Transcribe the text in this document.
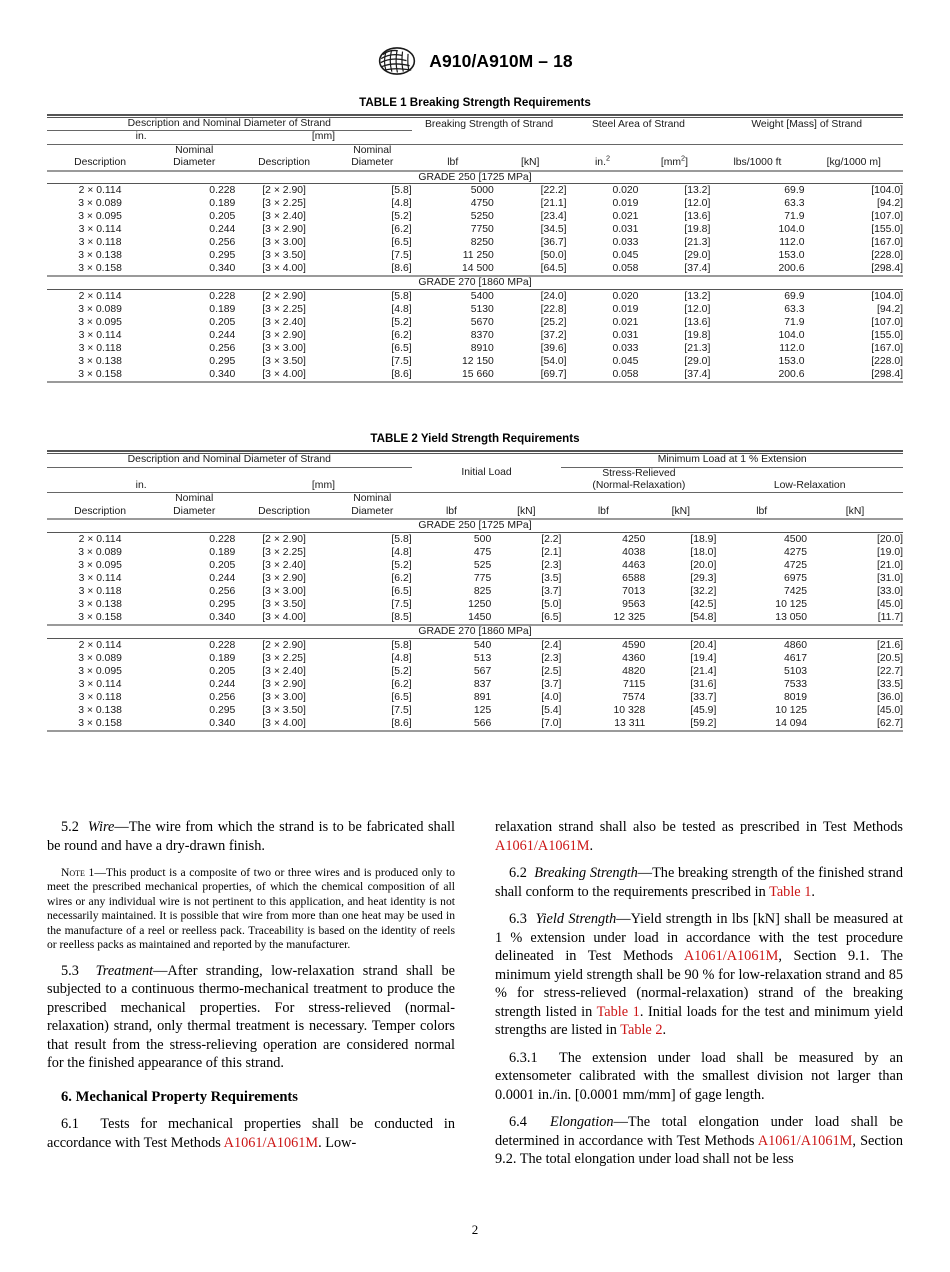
A910/A910M – 18
TABLE 1 Breaking Strength Requirements

Description and Nominal Diameter of Strand				Breaking Strength of Strand		Steel Area of Strand		Weight [Mass] of Strand	
in.		[mm]							
Description	Nominal Diameter	Description	Nominal Diameter	lbf	[kN]	in.$^2$	$[mm^2]$	lbs/1000 ft	[kg/1000 m]
GRADE 250 [1725 MPa]									
2 × 0.114	0.228	[2 × 2.90]	[5.8]	5000	[22.2]	0.020	[13.2]	69.9	[104.0]
3 × 0.089	0.189	[3 × 2.25]	[4.8]	4750	[21.1]	0.019	[12.0]	63.3	[94.2]
3 × 0.095	0.205	[3 × 2.40]	[5.2]	5250	[23.4]	0.021	[13.6]	71.9	[107.0]
3 × 0.114	0.244	[3 × 2.90]	[6.2]	7750	[34.5]	0.031	[19.8]	104.0	[155.0]
3 × 0.118	0.256	[3 × 3.00]	[6.5]	8250	[36.7]	0.033	[21.3]	112.0	[167.0]
3 × 0.138	0.295	[3 × 3.50]	[7.5]	11 250	[50.0]	0.045	[29.0]	153.0	[228.0]
3 × 0.158	0.340	[3 × 4.00]	[8.6]	14 500	[64.5]	0.058	[37.4]	200.6	[298.4]
GRADE 270 [1860 MPa]									
2 × 0.114	0.228	[2 × 2.90]	[5.8]	5400	[24.0]	0.020	[13.2]	69.9	[104.0]
3 × 0.089	0.189	[3 × 2.25]	[4.8]	5130	[22.8]	0.019	[12.0]	63.3	[94.2]
3 × 0.095	0.205	[3 × 2.40]	[5.2]	5670	[25.2]	0.021	[13.6]	71.9	[107.0]
3 × 0.114	0.244	[3 × 2.90]	[6.2]	8370	[37.2]	0.031	[19.8]	104.0	[155.0]
3 × 0.118	0.256	[3 × 3.00]	[6.5]	8910	[39.6]	0.033	[21.3]	112.0	[167.0]
3 × 0.138	0.295	[3 × 3.50]	[7.5]	12 150	[54.0]	0.045	[29.0]	153.0	[228.0]
3 × 0.158	0.340	[3 × 4.00]	[8.6]	15 660	[69.7]	0.058	[37.4]	200.6	[298.4]

TABLE 2 Yield Strength Requirements

Description and Nominal Diameter of Strand				Initial Load		Minimum Load at 1 % Extension			
in.		[mm]				Stress-Relieved
(Normal-Relaxation)		Low-Relaxation	
Description	Nominal Diameter	Description	Nominal Diameter	lbf	[kN]	lbf	[kN]	lbf	[kN]
GRADE 250 [1725 MPa]									
2 × 0.114	0.228	[2 × 2.90]	[5.8]	500	[2.2]	4250	[18.9]	4500	[20.0]
3 × 0.089	0.189	[3 × 2.25]	[4.8]	475	[2.1]	4038	[18.0]	4275	[19.0]
3 × 0.095	0.205	[3 × 2.40]	[5.2]	525	[2.3]	4463	[20.0]	4725	[21.0]
3 × 0.114	0.244	[3 × 2.90]	[6.2]	775	[3.5]	6588	[29.3]	6975	[31.0]
3 × 0.118	0.256	[3 × 3.00]	[6.5]	825	[3.7]	7013	[32.2]	7425	[33.0]
3 × 0.138	0.295	[3 × 3.50]	[7.5]	1250	[5.0]	9563	[42.5]	10 125	[45.0]
3 × 0.158	0.340	[3 × 4.00]	[8.5]	1450	[6.5]	12 325	[54.8]	13 050	[11.7]
GRADE 270 [1860 MPa]									
2 × 0.114	0.228	[2 × 2.90]	[5.8]	540	[2.4]	4590	[20.4]	4860	[21.6]
3 × 0.089	0.189	[3 × 2.25]	[4.8]	513	[2.3]	4360	[19.4]	4617	[20.5]
3 × 0.095	0.205	[3 × 2.40]	[5.2]	567	[2.5]	4820	[21.4]	5103	[22.7]
3 × 0.114	0.244	[3 × 2.90]	[6.2]	837	[3.7]	7115	[31.6]	7533	[33.5]
3 × 0.118	0.256	[3 × 3.00]	[6.5]	891	[4.0]	7574	[33.7]	8019	[36.0]
3 × 0.138	0.295	[3 × 3.50]	[7.5]	125	[5.4]	10 328	[45.9]	10 125	[45.0]
3 × 0.158	0.340	[3 × 4.00]	[8.6]	566	[7.0]	13 311	[59.2]	14 094	[62.7]

5.2 Wire—The wire from which the strand is to be fabricated shall be round and have a dry-drawn finish.

Note 1—This product is a composite of two or three wires and is produced only to meet the prescribed mechanical properties, of which the chemical composition of all wires or any individual wire is not pertinent to this application, and heat identity is not necessarily maintained. It is possible that wire from more than one heat may be used in the manufacture of a reel or reelless pack. Traceability is based on the identity of reels or reelless packs as maintained and reported by the manufacturer.

5.3 Treatment—After stranding, low-relaxation strand shall be subjected to a continuous thermo-mechanical treatment to produce the prescribed mechanical properties. For stress-relieved (normal-relaxation) strand, only thermal treatment is necessary. Temper colors that result from the stress-relieving operation are considered normal for the finished appearance of this strand.

6. Mechanical Property Requirements

6.1 Tests for mechanical properties shall be conducted in accordance with Test Methods A1061/A1061M. Low-

relaxation strand shall also be tested as prescribed in Test Methods A1061/A1061M.

6.2 Breaking Strength—The breaking strength of the finished strand shall conform to the requirements prescribed in Table 1.

6.3 Yield Strength—Yield strength in lbs [kN] shall be measured at 1 % extension under load in accordance with the test procedure delineated in Test Methods A1061/A1061M, Section 9.1. The minimum yield strength shall be 90 % for low-relaxation strand and 85 % for stress-relieved (normal-relaxation) strand of the breaking strength listed in Table 1. Initial loads for the test and minimum yield strengths are listed in Table 2.

6.3.1 The extension under load shall be measured by an extensometer calibrated with the smallest division not larger than 0.0001 in./in. [0.0001 mm/mm] of gage length.

6.4 Elongation—The total elongation under load shall be determined in accordance with Test Methods A1061/A1061M, Section 9.2. The total elongation under load shall not be less

2
